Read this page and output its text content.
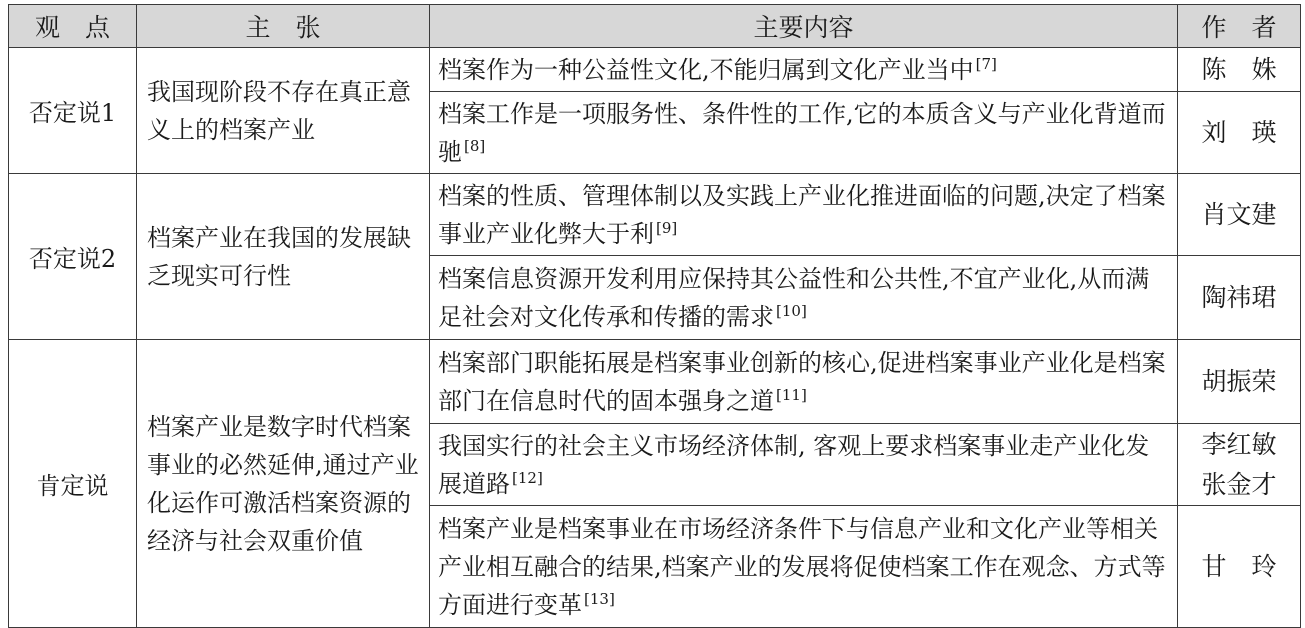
观　点	主　张	主要内容	作　者
否定说1	我国现阶段不存在真正意义上的档案产业	档案作为一种公益性文化,不能归属到文化产业当中 [7]	陈　姝

		档案工作是一项服务性、条件性的工作,它的本质含义与产业化背道而驰 [8]	刘　瑛

否定说2	档案产业在我国的发展缺乏现实可行性	档案的性质、管理体制以及实践上产业化推进面临的问题,决定了档案事业产业化弊大于利 [9]	肖文建

		档案信息资源开发利用应保持其公益性和公共性,不宜产业化,从而满足社会对文化传承和传播的需求 [10]	陶祎珺

肯定说	档案产业是数字时代档案事业的必然延伸,通过产业化运作可激活档案资源的经济与社会双重价值	档案部门职能拓展是档案事业创新的核心,促进档案事业产业化是档案部门在信息时代的固本强身之道 [11]	胡振荣

		我国实行的社会主义市场经济体制, 客观上要求档案事业走产业化发展道路 [12]	李红敏
张金才

		档案产业是档案事业在市场经济条件下与信息产业和文化产业等相关产业相互融合的结果,档案产业的发展将促使档案工作在观念、方式等方面进行变革 [13]	甘　玲
